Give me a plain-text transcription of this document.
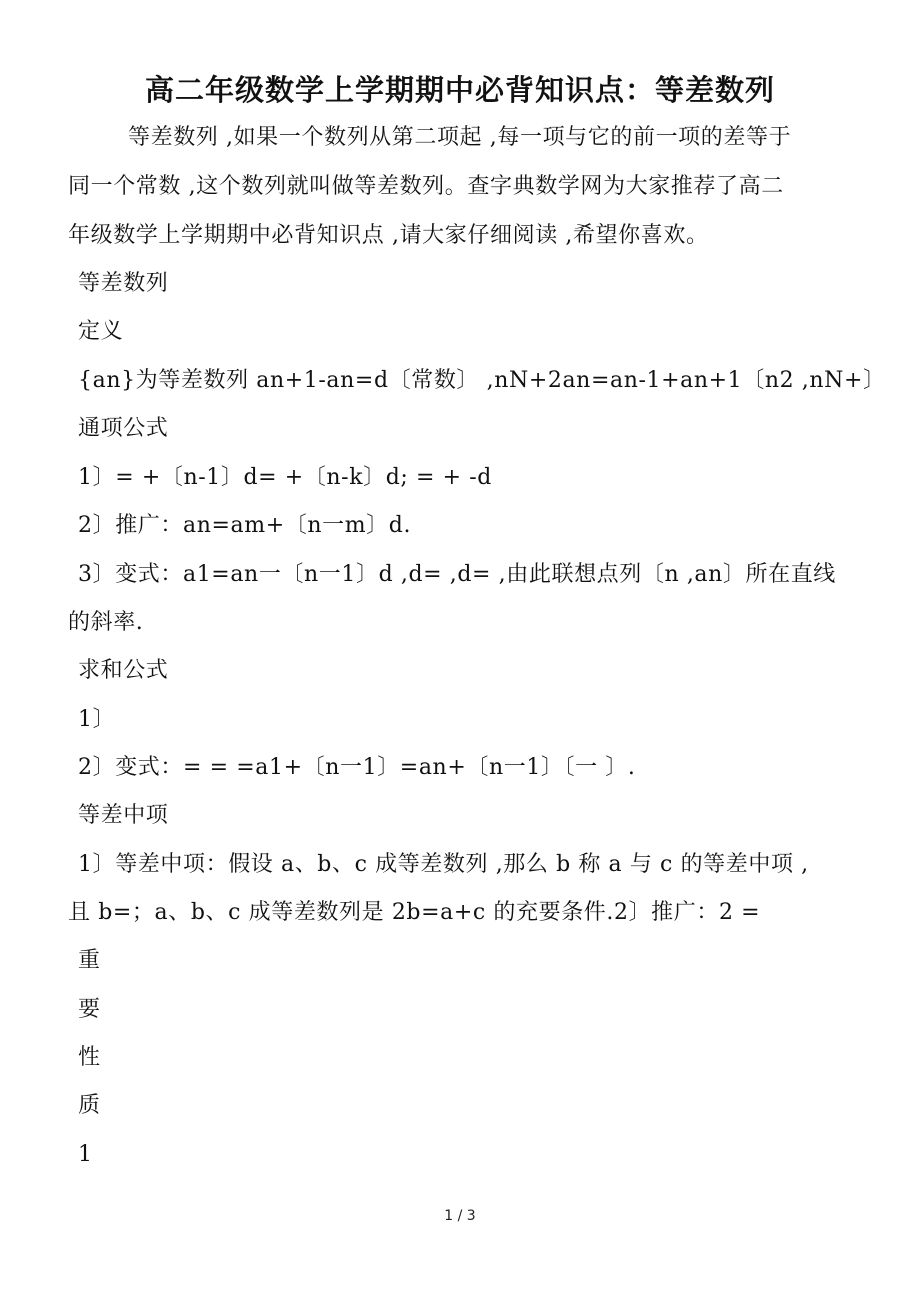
高二年级数学上学期期中必背知识点：等差数列
等差数列 ,如果一个数列从第二项起 ,每一项与它的前一项的差等于
同一个常数 ,这个数列就叫做等差数列。查字典数学网为大家推荐了高二
年级数学上学期期中必背知识点 ,请大家仔细阅读 ,希望你喜欢。
等差数列
定义
{an}为等差数列 an+1-an=d〔常数〕 ,nN+2an=an-1+an+1〔n2 ,nN+〕
通项公式
1〕= +〔n-1〕d= +〔n-k〕d; = + -d
2〕推广：an=am+〔n一m〕d.
3〕变式：a1=an一〔n一1〕d ,d= ,d= ,由此联想点列〔n ,an〕所在直线
的斜率.
求和公式
1〕
2〕变式：= = =a1+〔n一1〕=an+〔n一1〕〔一 〕.
等差中项
1〕等差中项：假设 a、b、c 成等差数列 ,那么 b 称 a 与 c 的等差中项 ,
且 b=；a、b、c 成等差数列是 2b=a+c 的充要条件.2〕推广：2 =
重
要
性
质
1
1 / 3
